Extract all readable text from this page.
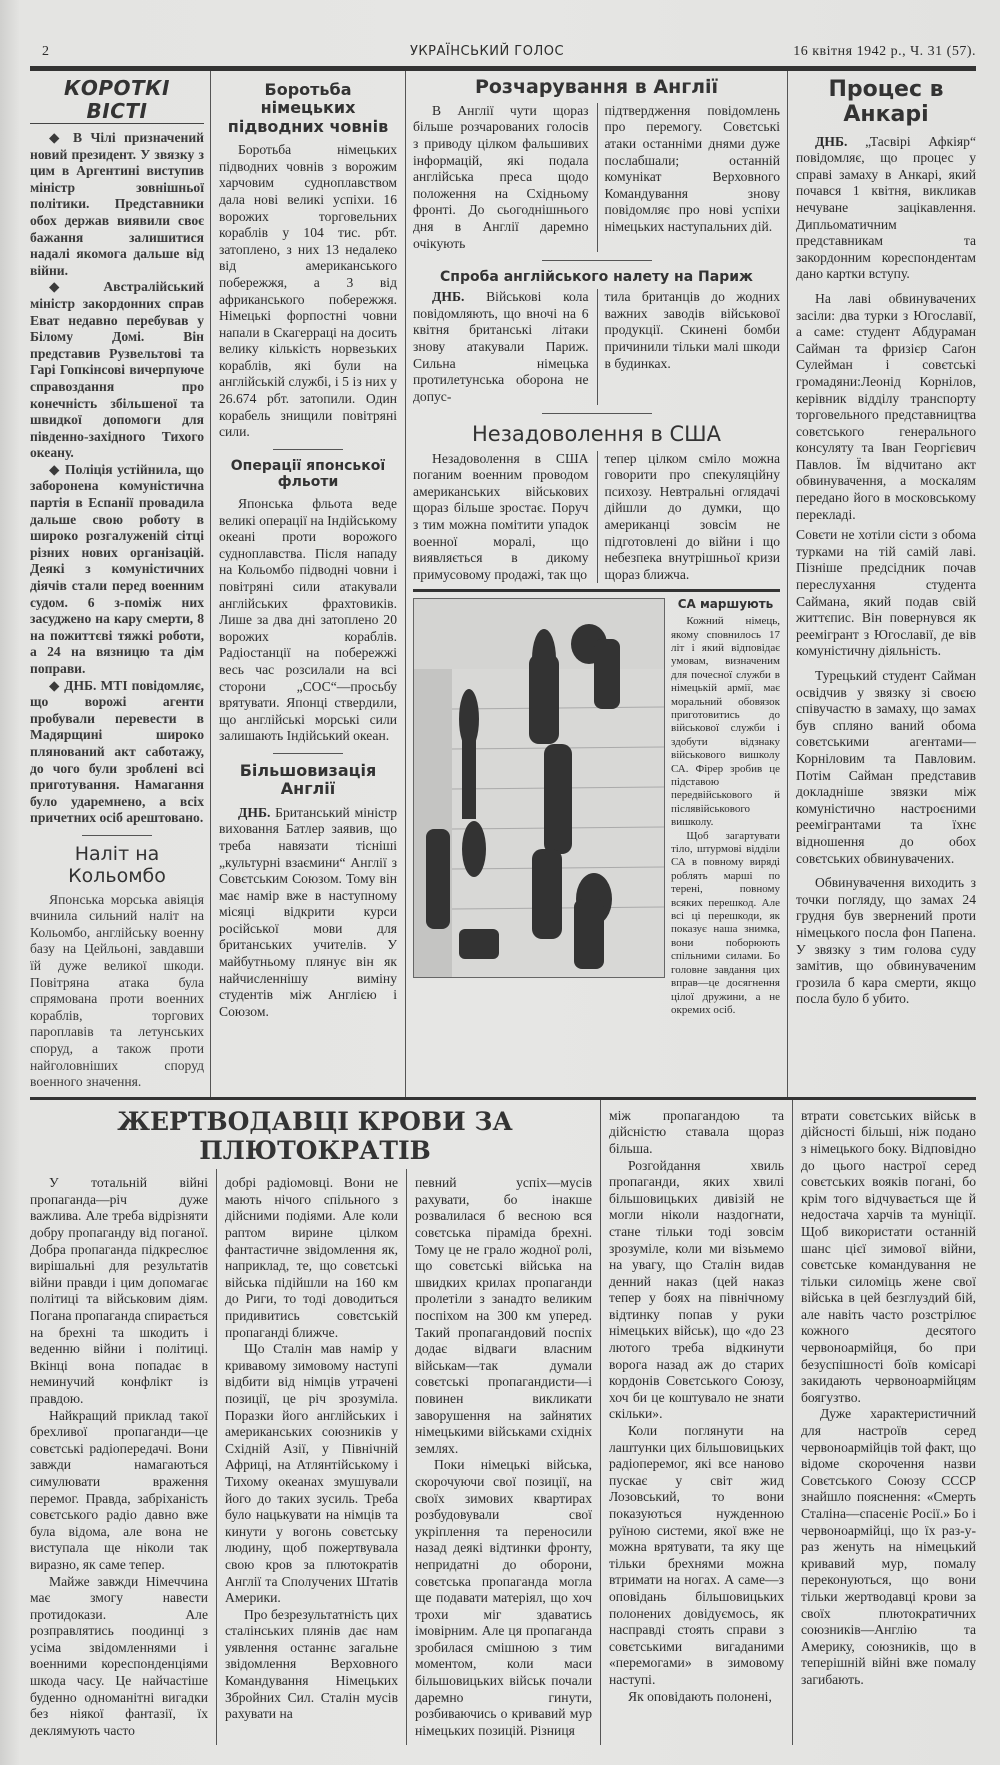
2	УКРАЇНСЬКИЙ ГОЛОС	16 квітня 1942 р., Ч. 31 (57).
КОРОТКІ ВІСТІ

◆ В Чілі призначений новий президент. У звязку з цим в Аргентині виступив міністр зовнішньої політики. Представники обох держав виявили своє бажання залишитися надалі якомога дальше від війни.

◆ Австралійський міністр закордонних справ Еват недавно перебував у Білому Домі. Він представив Рузвельтові та Гарі Гопкінсові вичерпуюче справоздання про конечність збільшеної та швидкої допомоги для південно-західного Тихого океану.

◆ Поліція устійнила, що заборонена комуністична партія в Еспанії провадила дальше свою роботу в широко розгалуженій сітці різних нових організацій. Деякі з комуністичних діячів стали перед военним судом. 6 з-поміж них засуджено на кару смерти, 8 на пожиттєві тяжкі роботи, а 24 на вязницю та дім поправи.

◆ ДНБ. МТІ повідомляє, що ворожі агенти пробували перевести в Мадярщині широко плянований акт саботажу, до чого були зроблені всі приготування. Намагання було ударемнено, а всіх причетних осіб арештовано.

Наліт на Кольомбо

Японська морська авіяція вчинила сильний наліт на Кольомбо, англійську военну базу на Цейльоні, завдавши їй дуже великої шкоди. Повітряна атака була спрямована проти военних кораблів, торгових пароплавів та летунських споруд, а також проти найголовніших споруд военного значення.

Боротьба німецьких підводних човнів

Боротьба німецьких підводних човнів з ворожим харчовим судноплавством дала нові великі успіхи. 16 ворожих торговельних кораблів у 104 тис. рбт. затоплено, з них 13 недалеко від американського побережжя, а 3 від африканського побережжя. Німецькі форпостні човни напали в Скагерраці на досить велику кількість норвезьких кораблів, які були на англійській службі, і 5 із них у 26.674 рбт. затопили. Один корабель знищили повітряні сили.

Операції японської фльоти

Японська фльота веде великі операції на Індійському океані проти ворожого судноплавства. Після нападу на Кольомбо підводні човни і повітряні сили атакували англійських фрахтовиків. Лише за два дні затоплено 20 ворожих кораблів. Радіостанції на побережжі весь час розсилали на всі сторони „СОС“—просьбу врятувати. Японці ствердили, що англійські морські сили залишають Індійський океан.

Більшовизація Англії

ДНБ. Британський міністр виховання Батлер заявив, що треба навязати тісніші „культурні взаємини“ Англії з Совєтським Союзом. Тому він має намір вже в наступному місяці відкрити курси російської мови для британських учителів. У майбутньому плянує він як найчисленнішу виміну студентів між Англією і Союзом.

Розчарування в Англії

В Англії чути щораз більше розчарованих голосів з приводу цілком фальшивих інформацій, які подала англійська преса щодо положення на Східньому фронті. До сьогоднішнього дня в Англії даремно очікують

підтвердження повідомлень про перемогу. Совєтські атаки останніми днями дуже послабшали; останній комунікат Верховного Командування знову повідомляє про нові успіхи німецьких наступальних дій.

Спроба англійського налету на Париж

ДНБ. Військові кола повідомляють, що вночі на 6 квітня британські літаки знову атакували Париж. Сильна німецька протилетунська оборона не допус-

тила британців до жодних важних заводів військової продукції. Скинені бомби причинили тільки малі шкоди в будинках.

Незадоволення в США

Незадоволення в США поганим военним проводом американських військових щораз більше зростає. Поруч з тим можна помітити упадок военної моралі, що виявляється в дикому примусовому продажі, так що

тепер цілком сміло можна говорити про спекуляційну психозу. Невтральні оглядачі дійшли до думки, що американці зовсім не підготовлені до війни і що небезпека внутрішньої кризи щораз ближча.

СА маршують

Кожний німець, якому сповнилось 17 літ і який відповідає умовам, визначеним для почесної служби в німецькій армії, має моральний обовязок приготовитись до військової служби і здобути відзнаку військового вишколу СА. Фірер зробив це підставою передвійськового й післявійськового вишколу.

Щоб загартувати тіло, штурмові відділи СА в повному виряді роблять марші по терені, повному всяких перешкод. Але всі ці перешкоди, як показує наша знимка, вони поборюють спільними силами. Бо головне завдання цих вправ—це досягнення цілої дружини, а не окремих осіб.

Процес в Анкарі

ДНБ. „Тасвірі Афкіяр“ повідомляє, що процес у справі замаху в Анкарі, який почався 1 квітня, викликав нечуване зацікавлення. Дипльоматичним представникам та закордонним кореспондентам дано картки вступу.

На лаві обвинувачених засіли: два турки з Югославії, а саме: студент Абдураман Сайман та фризієр Саґон Сулейман і совєтські громадяни:Леонід Корнілов, керівник відділу транспорту торговельного представництва совєтського генерального консуляту та Іван Георгієвич Павлов. Їм відчитано акт обвинувачення, а москалям передано його в московському перекладі.

Совєти не хотіли сісти з обома турками на тій самій лаві. Пізніше предсідник почав переслухання студента Саймана, який подав свій життєпис. Він повернувся як реемігрант з Югославії, де вів комуністичну діяльність.

Турецький студент Сайман освідчив у звязку зі своєю співучастю в замаху, що замах був спляно ваний обома совєтськими агентами—Корніловим та Павловим. Потім Сайман представив докладніше звязки між комуністично настроєними реемігрантами та їхнє відношення до обох совєтських обвинувачених.

Обвинувачення виходить з точки погляду, що замах 24 грудня був звернений проти німецького посла фон Папена. У звязку з тим голова суду замітив, що обвинуваченим грозила б кара смерти, якщо посла було б убито.

ЖЕРТВОДАВЦІ КРОВИ ЗА ПЛЮТОКРАТІВ

У тотальній війні пропаганда—річ дуже важлива. Але треба відрізняти добру пропаганду від поганої. Добра пропаганда підкреслює вирішальні для результатів війни правди і цим допомагає політиці та військовим діям. Погана пропаганда спирається на брехні та шкодить і веденню війни і політиці. Вкінці вона попадає в неминучий конфлікт із правдою.

Найкращий приклад такої брехливої пропаганди—це совєтські радіопередачі. Вони завжди намагаються симулювати враження перемог. Правда, забріханість совєтського радіо давно вже була відома, але вона не виступала ще ніколи так виразно, як саме тепер.

Майже завжди Німеччина має змогу навести протидокази. Але розправлятись поодинці з усіма звідомленнями і военними кореспонденціями шкода часу. Це найчастіше буденно одноманітні вигадки без ніякої фантазії, їх деклямують часто

добрі радіомовці. Вони не мають нічого спільного з дійсними подіями. Але коли раптом вирине цілком фантастичне звідомлення як, наприклад, те, що совєтські війська підійшли на 160 км до Риги, то тоді доводиться придивитись совєтській пропаганді ближче.

Що Сталін мав намір у кривавому зимовому наступі відбити від німців утрачені позиції, це річ зрозуміла. Поразки його англійських і американських союзників у Східній Азії, у Північній Африці, на Атлянтійському і Тихому океанах змушували його до таких зусиль. Треба було нацькувати на німців та кинути у вогонь совєтську людину, щоб пожертвувала свою кров за плютократів Англії та Сполучених Штатів Америки.

Про безрезультатність цих сталінських плянів дає нам уявлення останнє загальне звідомлення Верховного Командування Німецьких Збройних Сил. Сталін мусів рахувати на

певний успіх—мусів рахувати, бо інакше розвалилася б весною вся совєтська піраміда брехні. Тому це не грало жодної ролі, що совєтські війська на швидких крилах пропаганди пролетіли з занадто великим поспіхом на 300 км уперед. Такий пропагандовий поспіх додає відваги власним військам—так думали совєтські пропагандисти—і повинен викликати заворушення на зайнятих німецькими військами східніх землях.

Поки німецькі війська, скорочуючи свої позиції, на своїх зимових квартирах розбудовували свої укріплення та переносили назад деякі відтинки фронту, непридатні до оборони, совєтська пропаганда могла ще подавати матеріял, що хоч трохи міг здаватись імовірним. Але ця пропаганда зробилася смішною з тим моментом, коли маси більшовицьких військ почали даремно гинути, розбиваючись о кривавий мур німецьких позицій. Різниця

між пропагандою та дійсністю ставала щораз більша.

Розгойдання хвиль пропаганди, яких хвилі більшовицьких дивізій не могли ніколи наздогнати, стане тільки тоді зовсім зрозуміле, коли ми візьмемо на увагу, що Сталін видав денний наказ (цей наказ тепер у боях на північному відтинку попав у руки німецьких військ), що «до 23 лютого треба відкинути ворога назад аж до старих кордонів Совєтського Союзу, хоч би це коштувало не знати скільки».

Коли поглянути на лаштунки цих більшовицьких радіоперемог, які все наново пускає у світ жид Лозовський, то вони показуються нужденною руїною системи, якої вже не можна врятувати, та яку ще тільки брехнями можна втримати на ногах. А саме—з оповідань більшовицьких полонених довідуємось, як насправді стоять справи з совєтськими вигаданими «перемогами» в зимовому наступі.

Як оповідають полонені,

втрати совєтських військ в дійсності більші, ніж подано з німецького боку. Відповідно до цього настрої серед совєтських вояків погані, бо крім того відчувається ще й недостача харчів та муніції. Щоб використати останній шанс цієї зимової війни, совєтське командування не тільки силоміць жене свої війська в цей безглуздий бій, але навіть часто розстрілює кожного десятого червоноармійця, бо при безуспішності боїв комісарі закидають червоноармійцям боягузтво.

Дуже характеристичний для настроїв серед червоноармійців той факт, що відоме скорочення назви Совєтського Союзу СССР знайшло пояснення: «Смерть Сталіна—спасеніє Росії.» Бо і червоноармійці, що їх раз-у-раз женуть на німецький кривавий мур, помалу переконуються, що вони тільки жертводавці крови за своїх плютократичних союзників—Англію та Америку, союзників, що в теперішній війні вже помалу загибають.
